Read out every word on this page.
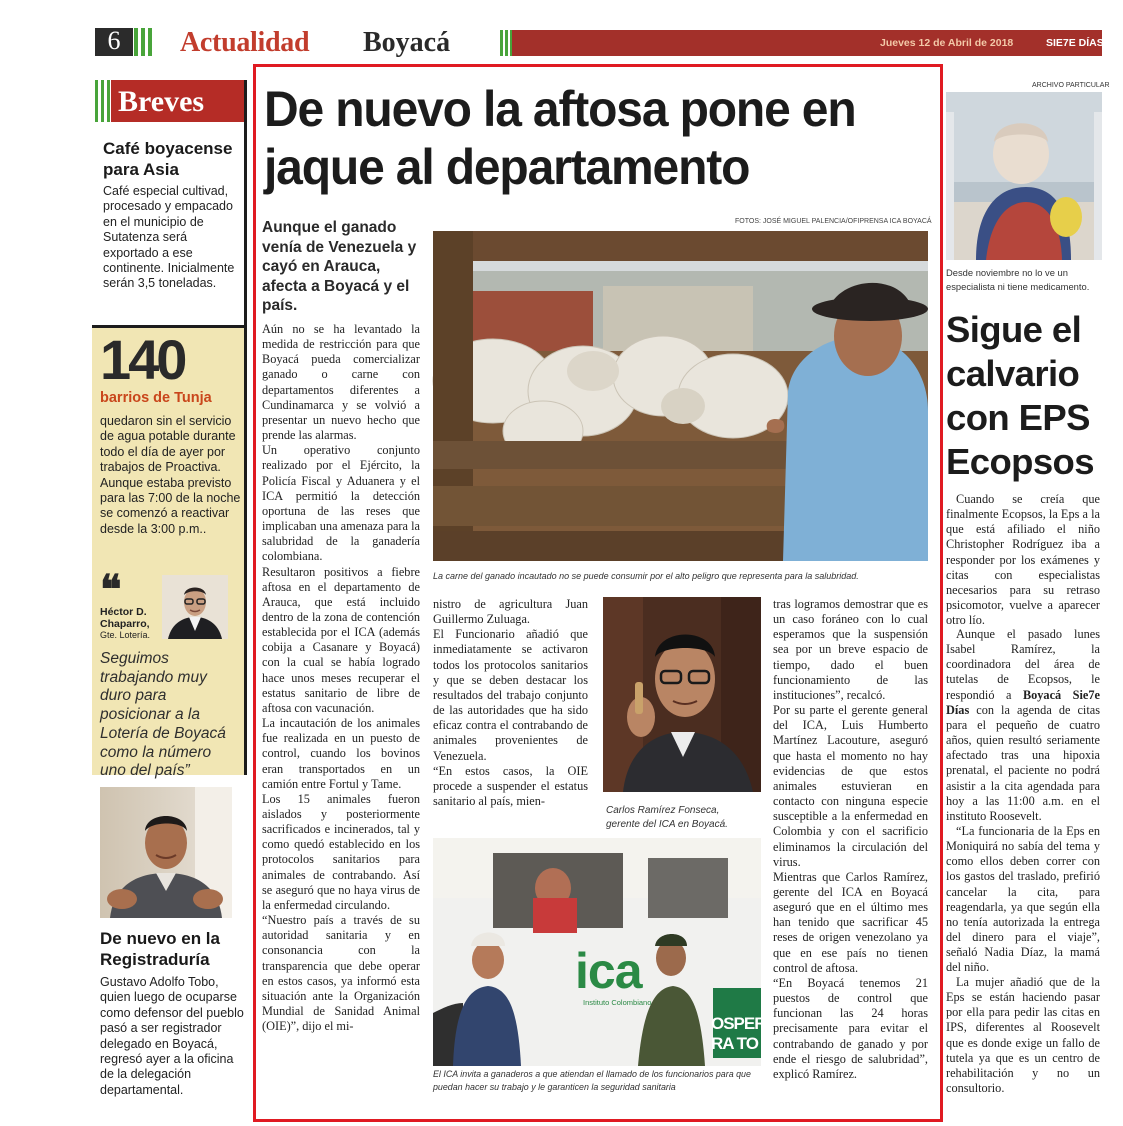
6	Actualidad Boyacá	Jueves 12 de Abril de 2018	SIE7E DÍAS
Breves
Café boyacense para Asia
Café especial cultivad, procesado y empacado en el municipio de Sutatenza será exportado a ese continente. Inicialmente serán 3,5 toneladas.
140
barrios de Tunja
quedaron sin el servicio de agua potable durante todo el día de ayer por trabajos de Proactiva. Aunque estaba previsto para las 7:00 de la noche se comenzó a reactivar desde la 3:00 p.m..
❝
Héctor D. Chaparro,
Gte. Lotería.
Seguimos trabajando muy duro para posicionar a la Lotería de Boyacá como la número uno del país”
De nuevo en la Registraduría
Gustavo Adolfo Tobo, quien luego de ocuparse como defensor del pueblo pasó a ser registrador delegado en Boyacá, regresó ayer a la oficina de la delegación departamental.
De nuevo la aftosa pone en jaque al departamento
Aunque el ganado venía de Venezuela y cayó en Arauca, afecta a Boyacá y el país.
FOTOS: JOSÉ MIGUEL PALENCIA/OFIPRENSA ICA BOYACÁ
La carne del ganado incautado no se puede consumir por el alto peligro que representa para la salubridad.
Aún no se ha levantado la medida de restricción para que Boyacá pueda comercializar ganado o carne con departamentos diferentes a Cundinamarca y se volvió a presentar un nuevo hecho que prende las alarmas.
Un operativo conjunto realizado por el Ejército, la Policía Fiscal y Aduanera y el ICA permitió la detección oportuna de las reses que implicaban una amenaza para la salubridad de la ganadería colombiana.
Resultaron positivos a fiebre aftosa en el departamento de Arauca, que está incluido dentro de la zona de contención establecida por el ICA (además cobija a Casanare y Boyacá) con la cual se había logrado hace unos meses recuperar el estatus sanitario de libre de aftosa con vacunación.
La incautación de los animales fue realizada en un puesto de control, cuando los bovinos eran transportados en un camión entre Fortul y Tame.
Los 15 animales fueron aislados y posteriormente sacrificados e incinerados, tal y como quedó establecido en los protocolos sanitarios para animales de contrabando. Así se aseguró que no haya virus de la enfermedad circulando.
“Nuestro país a través de su autoridad sanitaria y en consonancia con la transparencia que debe operar en estos casos, ya informó esta situación ante la Organización Mundial de Sanidad Animal (OIE)”, dijo el mi-
nistro de agricultura Juan Guillermo Zuluaga.
El Funcionario añadió que inmediatamente se activaron todos los protocolos sanitarios y que se deben destacar los resultados del trabajo conjunto de las autoridades que ha sido eficaz contra el contrabando de animales provenientes de Venezuela.
“En estos casos, la OIE procede a suspender el estatus sanitario al país, mien-
Carlos Ramírez Fonseca, gerente del ICA en Boyacá.
tras logramos demostrar que es un caso foráneo con lo cual esperamos que la suspensión sea por un breve espacio de tiempo, dado el buen funcionamiento de las instituciones”, recalcó.
Por su parte el gerente general del ICA, Luis Humberto Martínez Lacouture, aseguró que hasta el momento no hay evidencias de que estos animales estuvieran en contacto con ninguna especie susceptible a la enfermedad en Colombia y con el sacrificio eliminamos la circulación del virus.
Mientras que Carlos Ramírez, gerente del ICA en Boyacá aseguró que en el último mes han tenido que sacrificar 45 reses de origen venezolano ya que en ese país no tienen control de aftosa.
“En Boyacá tenemos 21 puestos de control que funcionan las 24 horas precisamente para evitar el contrabando de ganado y por ende el riesgo de salubridad”, explicó Ramírez.
ica
Instituto Colombiano
OSPERI RA TO
El ICA invita a ganaderos a que atiendan el llamado de los funcionarios para que puedan hacer su trabajo y le garanticen la seguridad sanitaria
ARCHIVO PARTICULAR
Desde noviembre no lo ve un especialista ni tiene medicamento.
Sigue el calvario con EPS Ecopsos
Cuando se creía que finalmente Ecopsos, la Eps a la que está afiliado el niño Christopher Rodríguez iba a responder por los exámenes y citas con especialistas necesarios para su retraso psicomotor, vuelve a aparecer otro lío.
Aunque el pasado lunes Isabel Ramírez, la coordinadora del área de tutelas de Ecopsos, le respondió a Boyacá Sie7e Días con la agenda de citas para el pequeño de cuatro años, quien resultó seriamente afectado tras una hipoxia prenatal, el paciente no podrá asistir a la cita agendada para hoy a las 11:00 a.m. en el instituto Roosevelt.
“La funcionaria de la Eps en Moniquirá no sabía del tema y como ellos deben correr con los gastos del traslado, prefirió cancelar la cita, para reagendarla, ya que según ella no tenía autorizada la entrega del dinero para el viaje”, señaló Nadia Díaz, la mamá del niño.
La mujer añadió que de la Eps se están haciendo pasar por ella para pedir las citas en IPS, diferentes al Roosevelt que es donde exige un fallo de tutela ya que es un centro de rehabilitación y no un consultorio.
